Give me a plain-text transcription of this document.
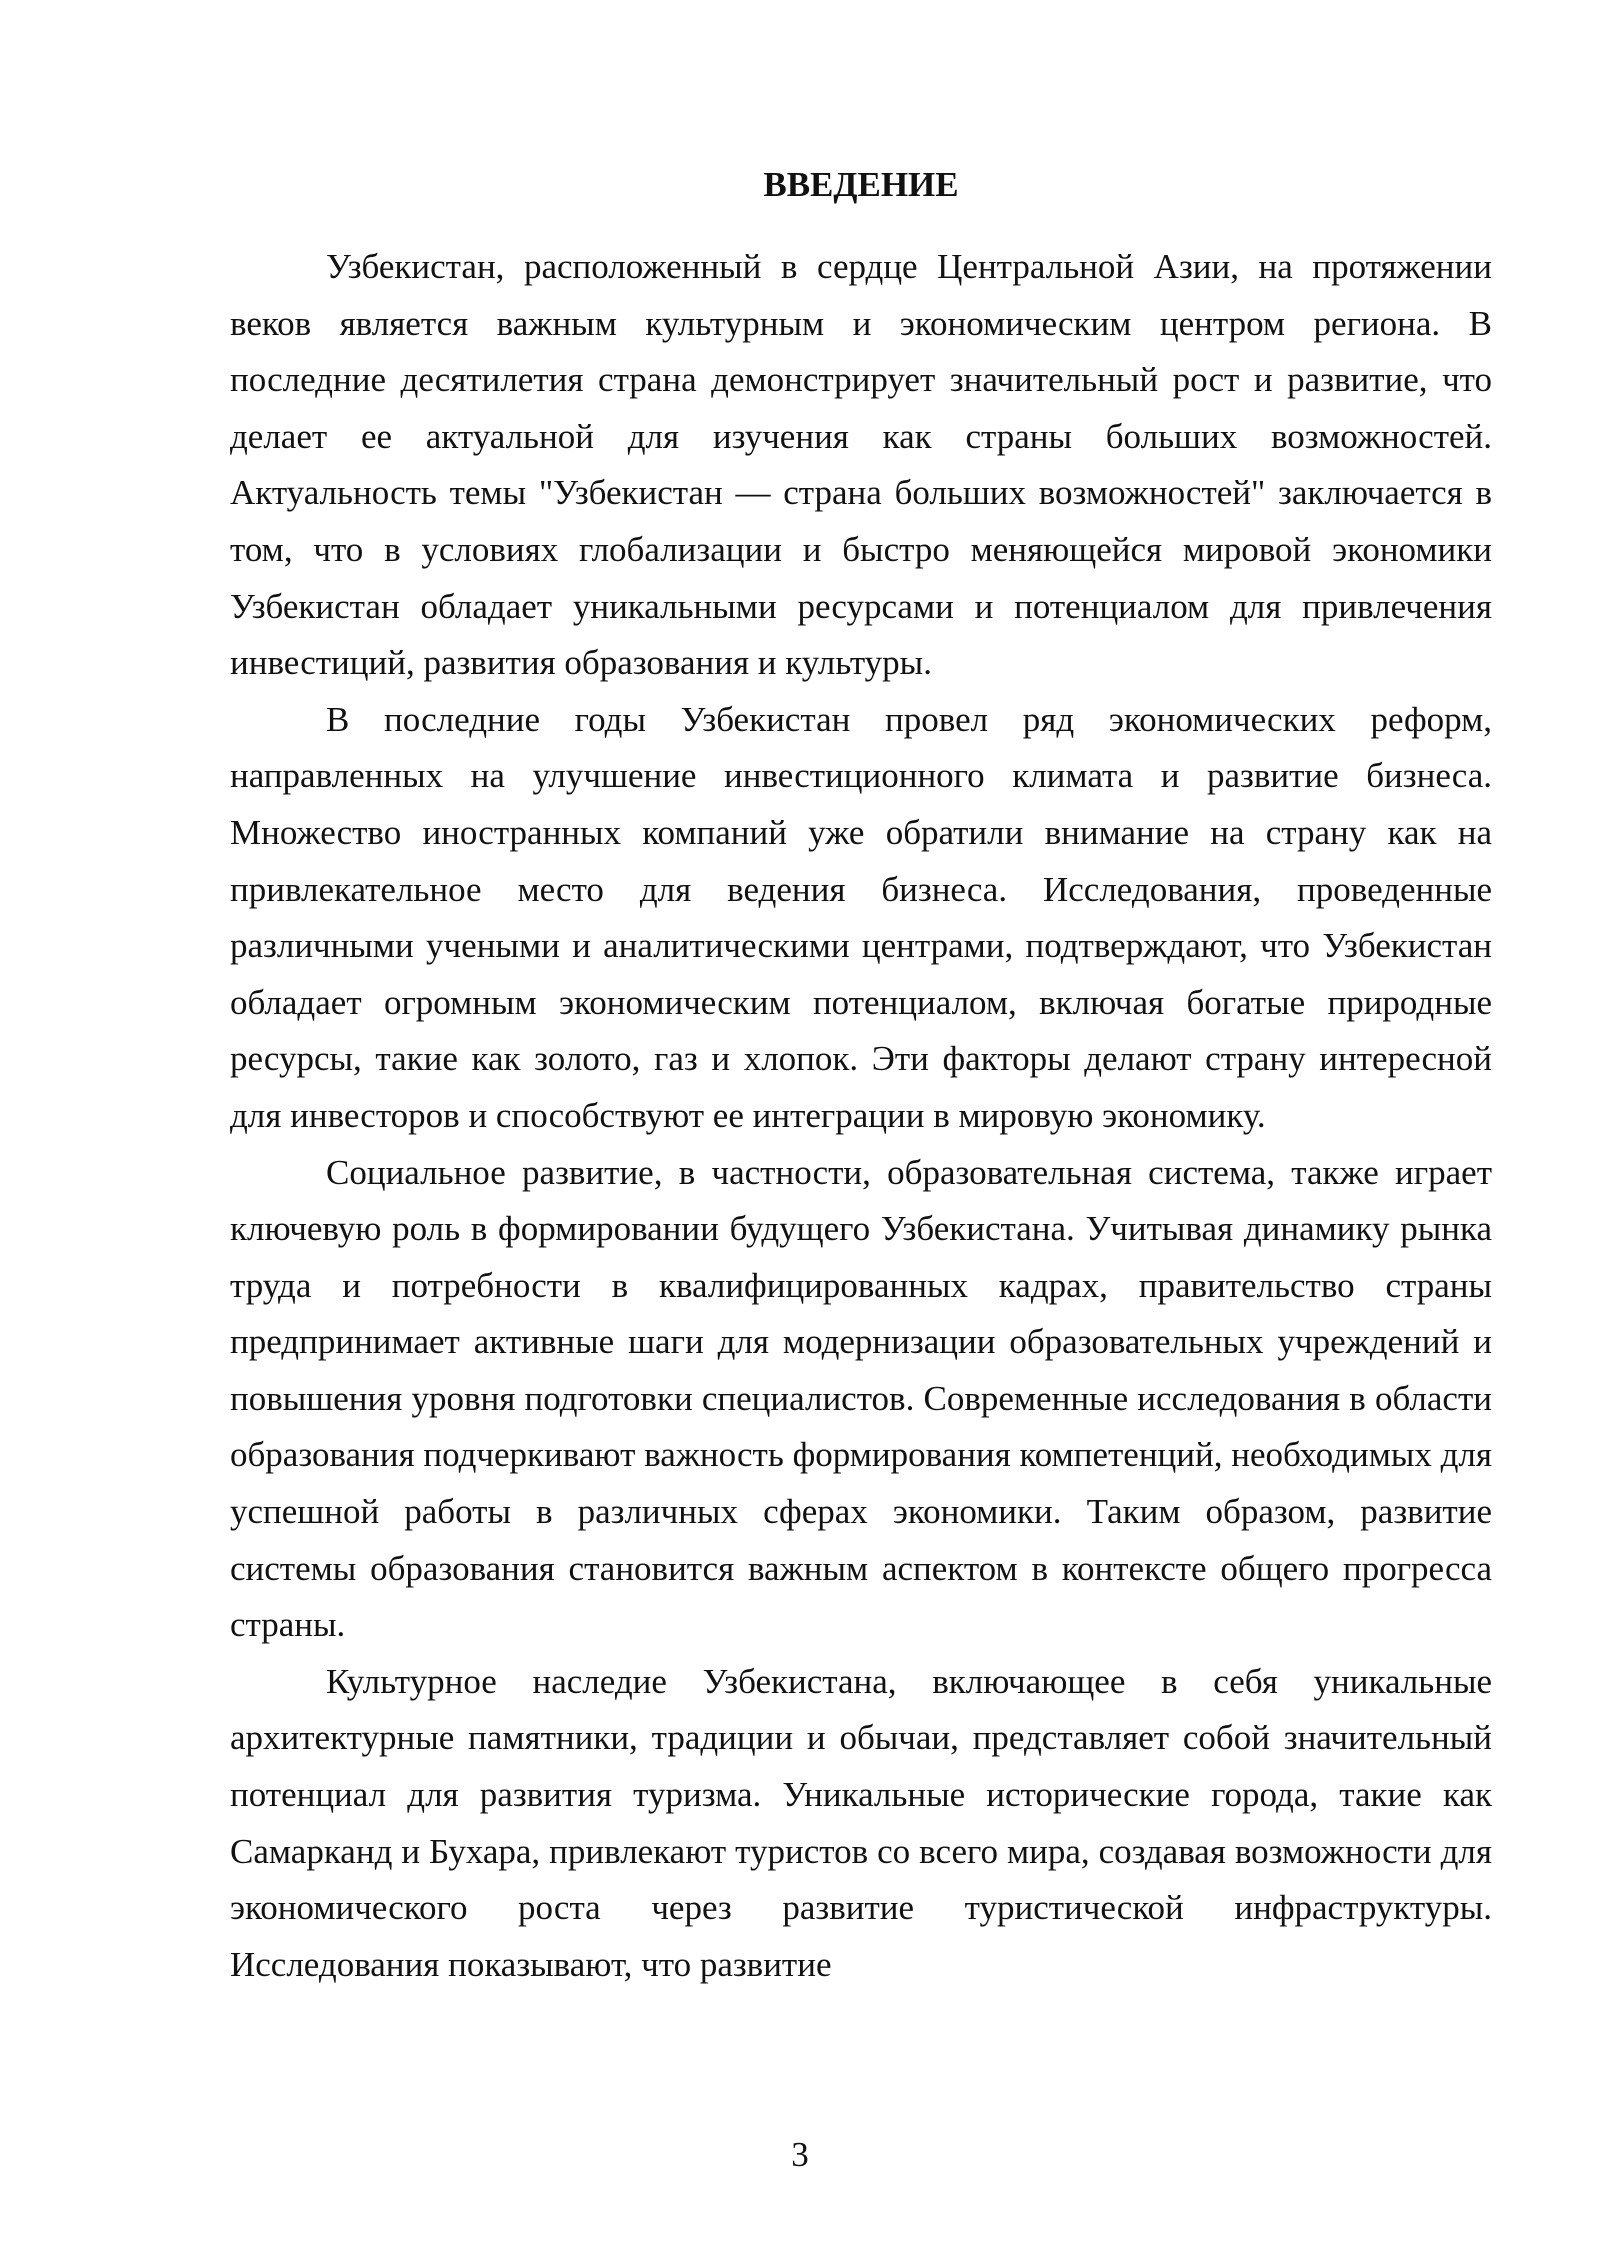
ВВЕДЕНИЕ

Узбекистан, расположенный в сердце Центральной Азии, на протяжении веков является важным культурным и экономическим центром региона. В последние десятилетия страна демонстрирует значительный рост и развитие, что делает ее актуальной для изучения как страны больших возможностей. Актуальность темы "Узбекистан — страна больших возможностей" заключается в том, что в условиях глобализации и быстро меняющейся мировой экономики Узбекистан обладает уникальными ресурсами и потенциалом для привлечения инвестиций, развития образования и культуры.

В последние годы Узбекистан провел ряд экономических реформ, направленных на улучшение инвестиционного климата и развитие бизнеса. Множество иностранных компаний уже обратили внимание на страну как на привлекательное место для ведения бизнеса. Исследования, проведенные различными учеными и аналитическими центрами, подтверждают, что Узбекистан обладает огромным экономическим потенциалом, включая богатые природные ресурсы, такие как золото, газ и хлопок. Эти факторы делают страну интересной для инвесторов и способствуют ее интеграции в мировую экономику.

Социальное развитие, в частности, образовательная система, также играет ключевую роль в формировании будущего Узбекистана. Учитывая динамику рынка труда и потребности в квалифицированных кадрах, правительство страны предпринимает активные шаги для модернизации образовательных учреждений и повышения уровня подготовки специалистов. Современные исследования в области образования подчеркивают важность формирования компетенций, необходимых для успешной работы в различных сферах экономики. Таким образом, развитие системы образования становится важным аспектом в контексте общего прогресса страны.

Культурное наследие Узбекистана, включающее в себя уникальные архитектурные памятники, традиции и обычаи, представляет собой значительный потенциал для развития туризма. Уникальные исторические города, такие как Самарканд и Бухара, привлекают туристов со всего мира, создавая возможности для экономического роста через развитие туристической инфраструктуры. Исследования показывают, что развитие

3
